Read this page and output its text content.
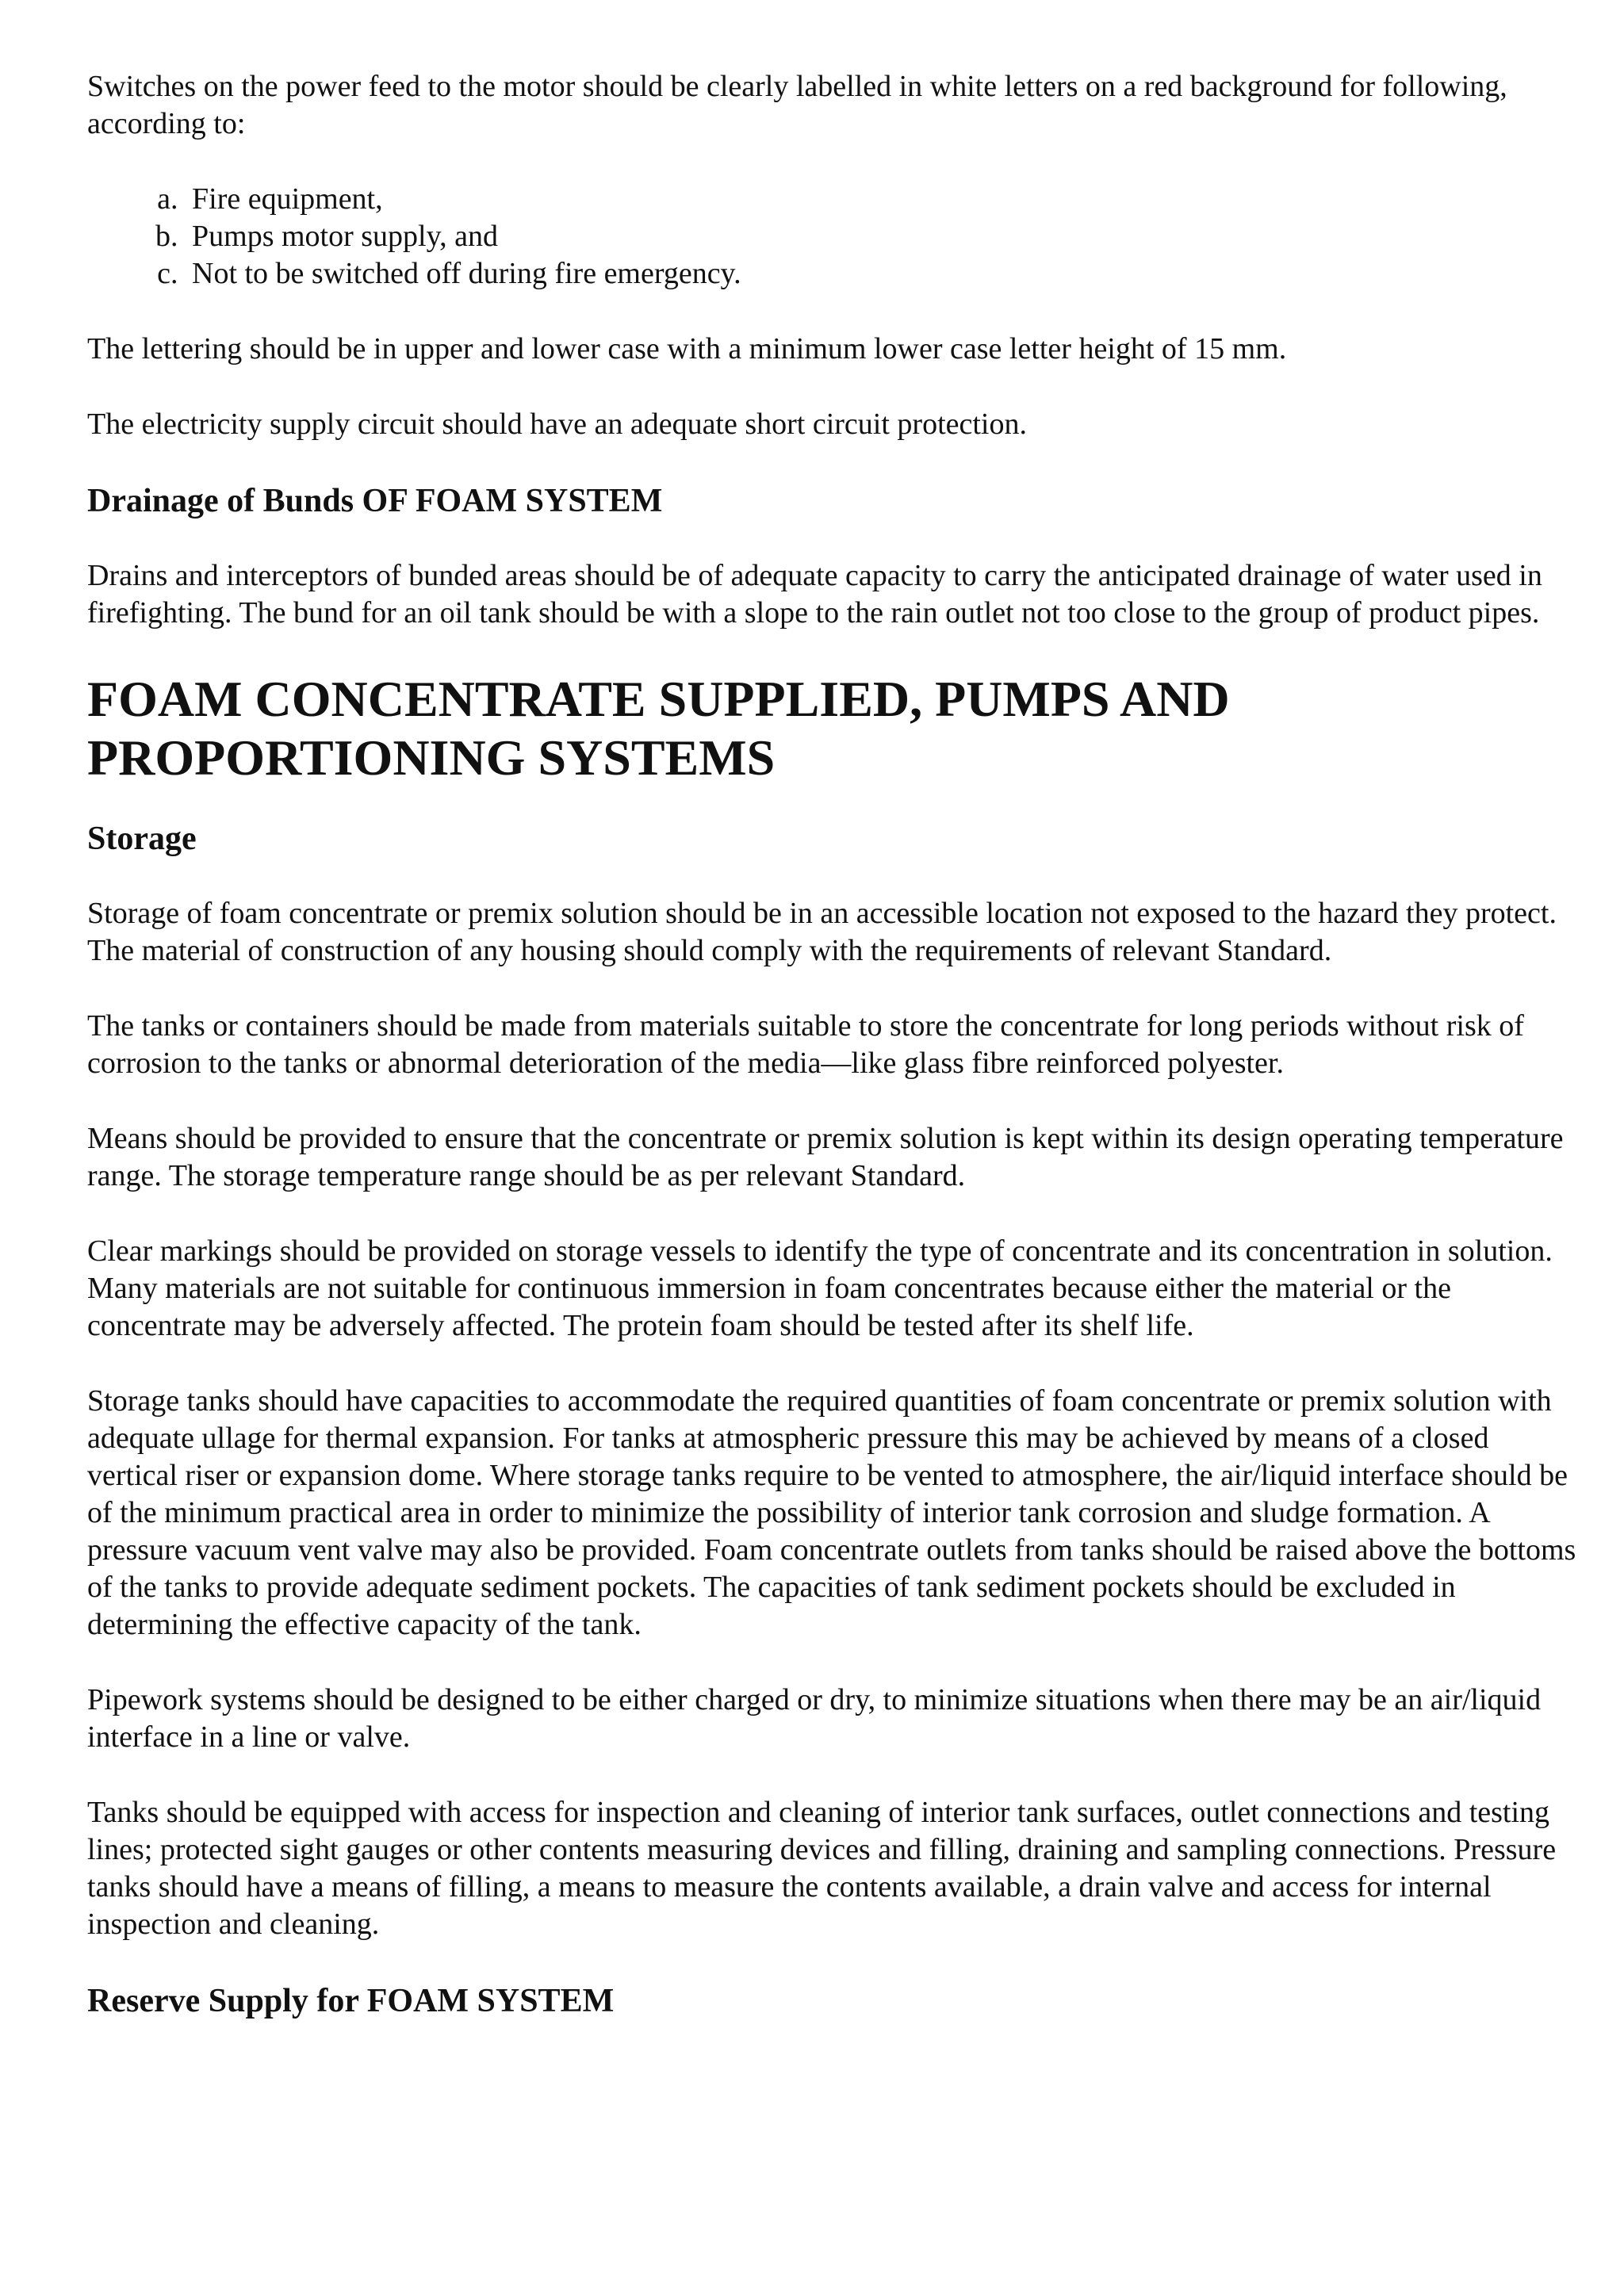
Switches on the power feed to the motor should be clearly labelled in white letters on a red background for following, according to:

a. Fire equipment,
b. Pumps motor supply, and
c. Not to be switched off during fire emergency.

The lettering should be in upper and lower case with a minimum lower case letter height of 15 mm.

The electricity supply circuit should have an adequate short circuit protection.

Drainage of Bunds OF FOAM SYSTEM

Drains and interceptors of bunded areas should be of adequate capacity to carry the anticipated drainage of water used in firefighting. The bund for an oil tank should be with a slope to the rain outlet not too close to the group of product pipes.

FOAM CONCENTRATE SUPPLIED, PUMPS AND
PROPORTIONING SYSTEMS
Storage

Storage of foam concentrate or premix solution should be in an accessible location not exposed to the hazard they protect. The material of construction of any housing should comply with the requirements of relevant Standard.

The tanks or containers should be made from materials suitable to store the concentrate for long periods without risk of corrosion to the tanks or abnormal deterioration of the media—like glass fibre reinforced polyester.

Means should be provided to ensure that the concentrate or premix solution is kept within its design operating temperature range. The storage temperature range should be as per relevant Standard.

Clear markings should be provided on storage vessels to identify the type of concentrate and its concentration in solution. Many materials are not suitable for continuous immersion in foam concentrates because either the material or the concentrate may be adversely affected. The protein foam should be tested after its shelf life.

Storage tanks should have capacities to accommodate the required quantities of foam concentrate or premix solution with adequate ullage for thermal expansion. For tanks at atmospheric pressure this may be achieved by means of a closed vertical riser or expansion dome. Where storage tanks require to be vented to atmosphere, the air/liquid interface should be of the minimum practical area in order to minimize the possibility of interior tank corrosion and sludge formation. A pressure vacuum vent valve may also be provided. Foam concentrate outlets from tanks should be raised above the bottoms of the tanks to provide adequate sediment pockets. The capacities of tank sediment pockets should be excluded in determining the effective capacity of the tank.

Pipework systems should be designed to be either charged or dry, to minimize situations when there may be an air/liquid interface in a line or valve.

Tanks should be equipped with access for inspection and cleaning of interior tank surfaces, outlet connections and testing lines; protected sight gauges or other contents measuring devices and filling, draining and sampling connections. Pressure tanks should have a means of filling, a means to measure the contents available, a drain valve and access for internal inspection and cleaning.

Reserve Supply for FOAM SYSTEM
